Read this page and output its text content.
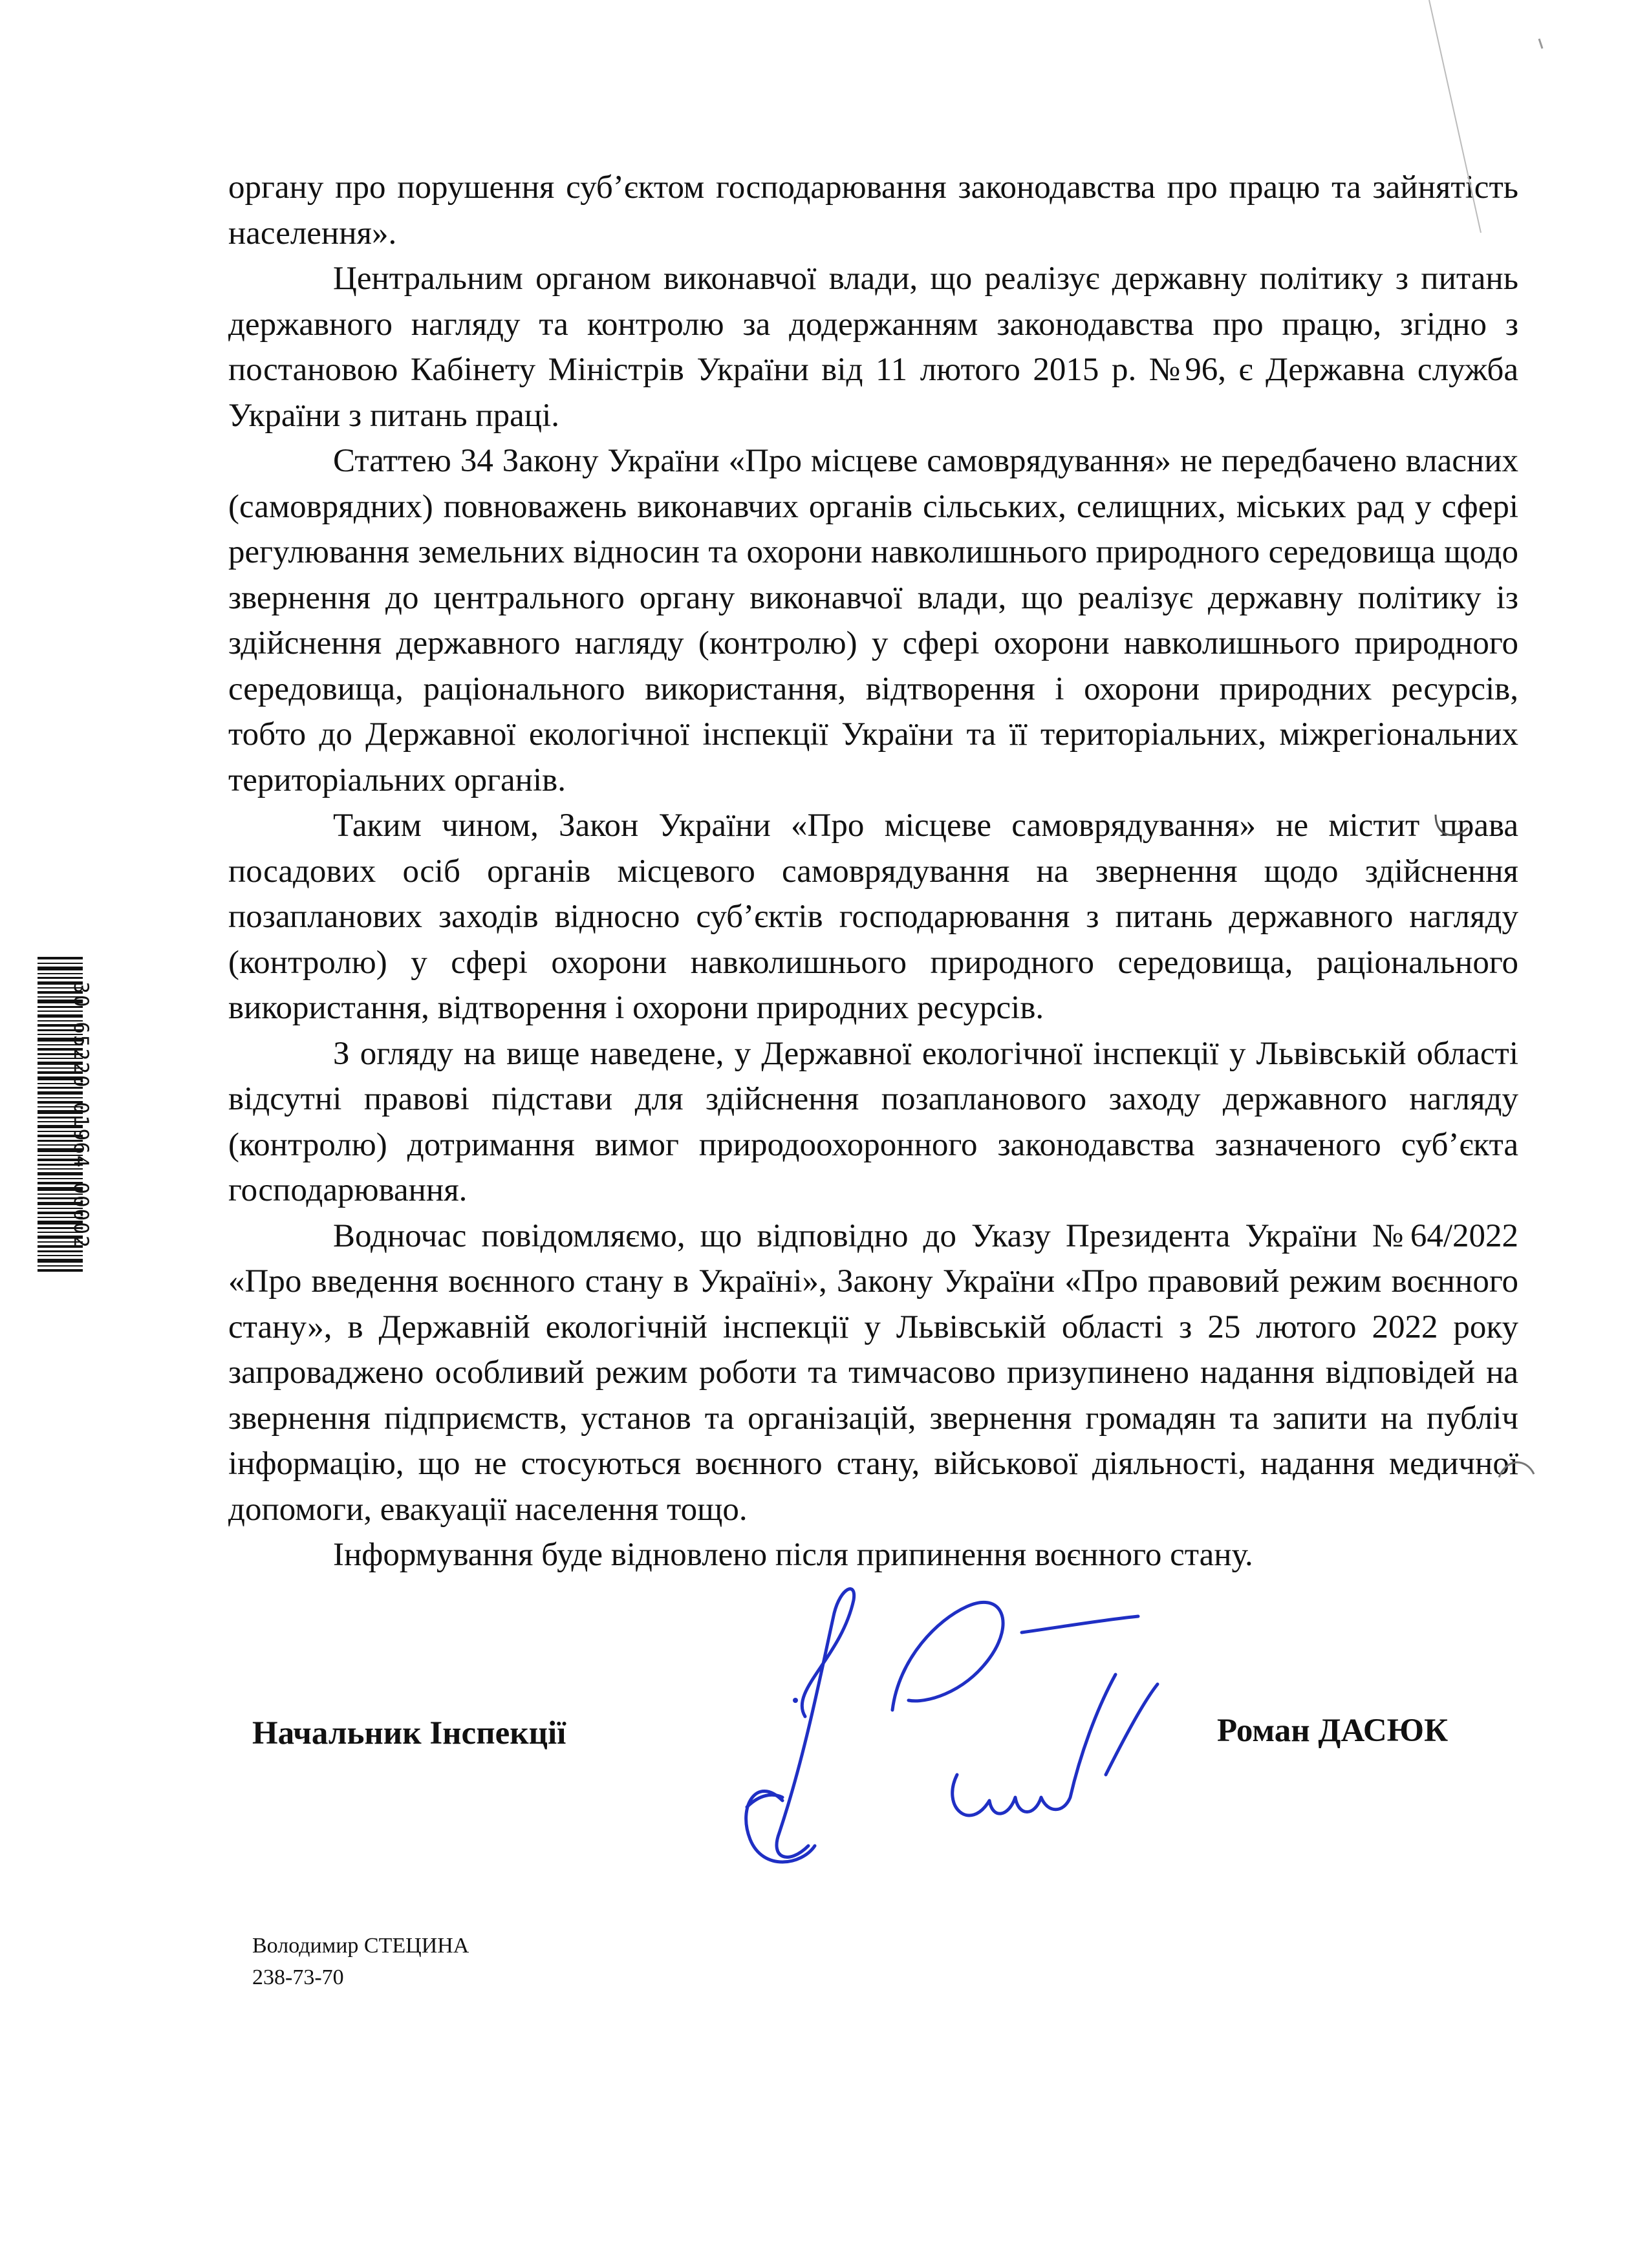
органу про порушення суб’єктом господарювання законодавства про працю та зайнятість населення».

Центральним органом виконавчої влади, що реалізує державну політику з питань державного нагляду та контролю за додержанням законодавства про працю, згідно з постановою Кабінету Міністрів України від 11 лютого 2015 р. №96, є Державна служба України з питань праці.

Статтею 34 Закону України «Про місцеве самоврядування» не передбачено власних (самоврядних) повноважень виконавчих органів сільських, селищних, міських рад у сфері регулювання земельних відносин та охорони навколишнього природного середовища щодо звернення до центрального органу виконавчої влади, що реалізує державну політику із здійснення державного нагляду (контролю) у сфері охорони навколишнього природного середовища, раціонального використання, відтворення і охорони природних ресурсів, тобто до Державної екологічної інспекції України та її територіальних, міжрегіональних територіальних органів.

Таким чином, Закон України «Про місцеве самоврядування» не містит права посадових осіб органів місцевого самоврядування на звернення щодо здійснення позапланових заходів відносно суб’єктів господарювання з питань державного нагляду (контролю) у сфері охорони навколишнього природного середовища, раціонального використання, відтворення і охорони природних ресурсів.

З огляду на вище наведене, у Державної екологічної інспекції у Львівській області відсутні правові підстави для здійснення позапланового заходу державного нагляду (контролю) дотримання вимог природоохоронного законодавства зазначеного суб’єкта господарювання.

Водночас повідомляємо, що відповідно до Указу Президента України №64/2022 «Про введення воєнного стану в Україні», Закону України «Про правовий режим воєнного стану», в Державній екологічній інспекції у Львівській області з 25 лютого 2022 року запроваджено особливий режим роботи та тимчасово призупинено надання відповідей на звернення підприємств, установ та організацій, звернення громадян та запити на публіч інформацію, що не стосуються воєнного стану, військової діяльності, надання медичної допомоги, евакуації населення тощо.

Інформування буде відновлено після припинення воєнного стану.

Начальник Інспекції	Роман ДАСЮК
Володимир СТЕЦИНА
238-73-70
30 65220 01964 00002
